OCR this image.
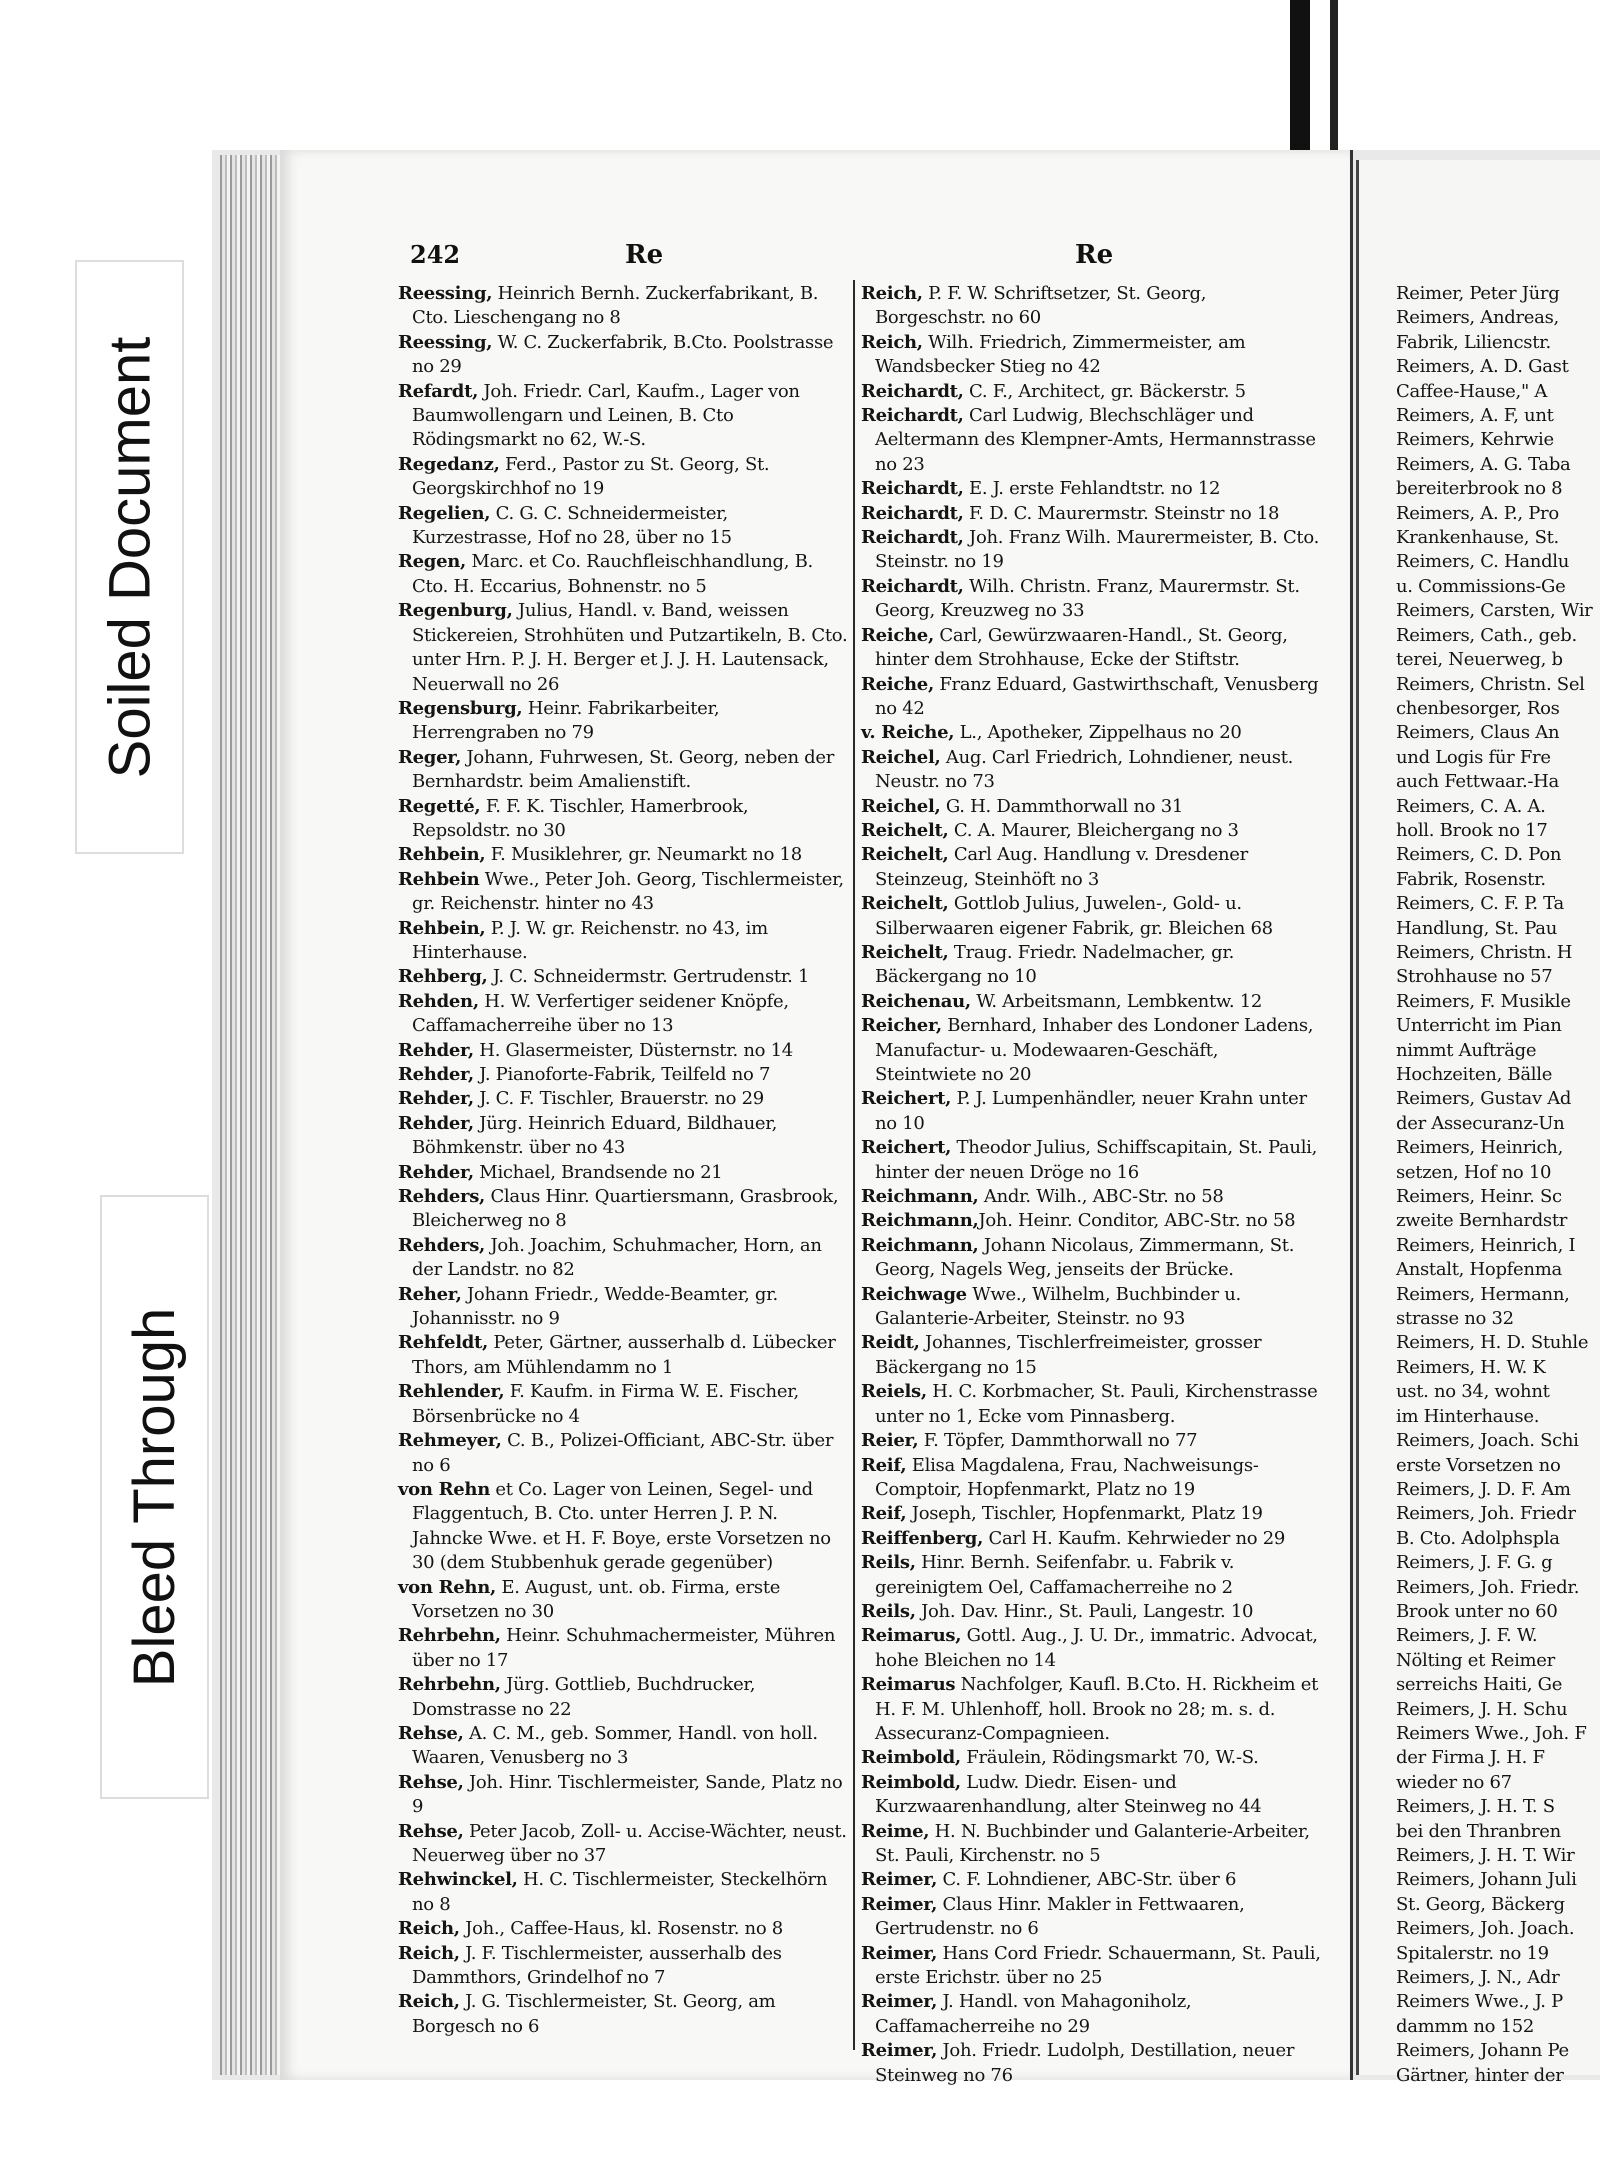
Soiled Document
Bleed Through
242	Re	Re

Reessing, Heinrich Bernh. Zuckerfabrikant, B. Cto. Lieschengang no 8

Reessing, W. C. Zuckerfabrik, B.Cto. Poolstrasse no 29

Refardt, Joh. Friedr. Carl, Kaufm., Lager von Baumwollengarn und Leinen, B. Cto Rödingsmarkt no 62, W.-S.

Regedanz, Ferd., Pastor zu St. Georg, St. Georgskirchhof no 19

Regelien, C. G. C. Schneidermeister, Kurzestrasse, Hof no 28, über no 15

Regen, Marc. et Co. Rauchfleischhandlung, B. Cto. H. Eccarius, Bohnenstr. no 5

Regenburg, Julius, Handl. v. Band, weissen Stickereien, Strohhüten und Putzartikeln, B. Cto. unter Hrn. P. J. H. Berger et J. J. H. Lautensack, Neuerwall no 26

Regensburg, Heinr. Fabrikarbeiter, Herrengraben no 79

Reger, Johann, Fuhrwesen, St. Georg, neben der Bernhardstr. beim Amalienstift.

Regetté, F. F. K. Tischler, Hamerbrook, Repsoldstr. no 30

Rehbein, F. Musiklehrer, gr. Neumarkt no 18

Rehbein Wwe., Peter Joh. Georg, Tischlermeister, gr. Reichenstr. hinter no 43

Rehbein, P. J. W. gr. Reichenstr. no 43, im Hinterhause.

Rehberg, J. C. Schneidermstr. Gertrudenstr. 1

Rehden, H. W. Verfertiger seidener Knöpfe, Caffamacherreihe über no 13

Rehder, H. Glasermeister, Düsternstr. no 14

Rehder, J. Pianoforte-Fabrik, Teilfeld no 7

Rehder, J. C. F. Tischler, Brauerstr. no 29

Rehder, Jürg. Heinrich Eduard, Bildhauer, Böhmkenstr. über no 43

Rehder, Michael, Brandsende no 21

Rehders, Claus Hinr. Quartiersmann, Grasbrook, Bleicherweg no 8

Rehders, Joh. Joachim, Schuhmacher, Horn, an der Landstr. no 82

Reher, Johann Friedr., Wedde-Beamter, gr. Johannisstr. no 9

Rehfeldt, Peter, Gärtner, ausserhalb d. Lübecker Thors, am Mühlendamm no 1

Rehlender, F. Kaufm. in Firma W. E. Fischer, Börsenbrücke no 4

Rehmeyer, C. B., Polizei-Officiant, ABC-Str. über no 6

von Rehn et Co. Lager von Leinen, Segel- und Flaggentuch, B. Cto. unter Herren J. P. N. Jahncke Wwe. et H. F. Boye, erste Vorsetzen no 30 (dem Stubbenhuk gerade gegenüber)

von Rehn, E. August, unt. ob. Firma, erste Vorsetzen no 30

Rehrbehn, Heinr. Schuhmachermeister, Mühren über no 17

Rehrbehn, Jürg. Gottlieb, Buchdrucker, Domstrasse no 22

Rehse, A. C. M., geb. Sommer, Handl. von holl. Waaren, Venusberg no 3

Rehse, Joh. Hinr. Tischlermeister, Sande, Platz no 9

Rehse, Peter Jacob, Zoll- u. Accise-Wächter, neust. Neuerweg über no 37

Rehwinckel, H. C. Tischlermeister, Steckelhörn no 8

Reich, Joh., Caffee-Haus, kl. Rosenstr. no 8

Reich, J. F. Tischlermeister, ausserhalb des Dammthors, Grindelhof no 7

Reich, J. G. Tischlermeister, St. Georg, am Borgesch no 6

Reich, P. F. W. Schriftsetzer, St. Georg, Borgeschstr. no 60

Reich, Wilh. Friedrich, Zimmermeister, am Wandsbecker Stieg no 42

Reichardt, C. F., Architect, gr. Bäckerstr. 5

Reichardt, Carl Ludwig, Blechschläger und Aeltermann des Klempner-Amts, Hermannstrasse no 23

Reichardt, E. J. erste Fehlandtstr. no 12

Reichardt, F. D. C. Maurermstr. Steinstr no 18

Reichardt, Joh. Franz Wilh. Maurermeister, B. Cto. Steinstr. no 19

Reichardt, Wilh. Christn. Franz, Maurermstr. St. Georg, Kreuzweg no 33

Reiche, Carl, Gewürzwaaren-Handl., St. Georg, hinter dem Strohhause, Ecke der Stiftstr.

Reiche, Franz Eduard, Gastwirthschaft, Venusberg no 42

v. Reiche, L., Apotheker, Zippelhaus no 20

Reichel, Aug. Carl Friedrich, Lohndiener, neust. Neustr. no 73

Reichel, G. H. Dammthorwall no 31

Reichelt, C. A. Maurer, Bleichergang no 3

Reichelt, Carl Aug. Handlung v. Dresdener Steinzeug, Steinhöft no 3

Reichelt, Gottlob Julius, Juwelen-, Gold- u. Silberwaaren eigener Fabrik, gr. Bleichen 68

Reichelt, Traug. Friedr. Nadelmacher, gr. Bäckergang no 10

Reichenau, W. Arbeitsmann, Lembkentw. 12

Reicher, Bernhard, Inhaber des Londoner Ladens, Manufactur- u. Modewaaren-Geschäft, Steintwiete no 20

Reichert, P. J. Lumpenhändler, neuer Krahn unter no 10

Reichert, Theodor Julius, Schiffscapitain, St. Pauli, hinter der neuen Dröge no 16

Reichmann, Andr. Wilh., ABC-Str. no 58

Reichmann,Joh. Heinr. Conditor, ABC-Str. no 58

Reichmann, Johann Nicolaus, Zimmermann, St. Georg, Nagels Weg, jenseits der Brücke.

Reichwage Wwe., Wilhelm, Buchbinder u. Galanterie-Arbeiter, Steinstr. no 93

Reidt, Johannes, Tischlerfreimeister, grosser Bäckergang no 15

Reiels, H. C. Korbmacher, St. Pauli, Kirchenstrasse unter no 1, Ecke vom Pinnasberg.

Reier, F. Töpfer, Dammthorwall no 77

Reif, Elisa Magdalena, Frau, Nachweisungs-Comptoir, Hopfenmarkt, Platz no 19

Reif, Joseph, Tischler, Hopfenmarkt, Platz 19

Reiffenberg, Carl H. Kaufm. Kehrwieder no 29

Reils, Hinr. Bernh. Seifenfabr. u. Fabrik v. gereinigtem Oel, Caffamacherreihe no 2

Reils, Joh. Dav. Hinr., St. Pauli, Langestr. 10

Reimarus, Gottl. Aug., J. U. Dr., immatric. Advocat, hohe Bleichen no 14

Reimarus Nachfolger, Kaufl. B.Cto. H. Rickheim et H. F. M. Uhlenhoff, holl. Brook no 28; m. s. d. Assecuranz-Compagnieen.

Reimbold, Fräulein, Rödingsmarkt 70, W.-S.

Reimbold, Ludw. Diedr. Eisen- und Kurzwaarenhandlung, alter Steinweg no 44

Reime, H. N. Buchbinder und Galanterie-Arbeiter, St. Pauli, Kirchenstr. no 5

Reimer, C. F. Lohndiener, ABC-Str. über 6

Reimer, Claus Hinr. Makler in Fettwaaren, Gertrudenstr. no 6

Reimer, Hans Cord Friedr. Schauermann, St. Pauli, erste Erichstr. über no 25

Reimer, J. Handl. von Mahagoniholz, Caffamacherreihe no 29

Reimer, Joh. Friedr. Ludolph, Destillation, neuer Steinweg no 76

Reimer, Peter Jürg
Reimers, Andreas,
Fabrik, Liliencstr.
Reimers, A. D. Gast
Caffee-Hause," A
Reimers, A. F, unt
Reimers, Kehrwie
Reimers, A. G. Taba
bereiterbrook no 8
Reimers, A. P., Pro
Krankenhause, St.
Reimers, C. Handlu
u. Commissions-Ge
Reimers, Carsten, Wir
Reimers, Cath., geb.
terei, Neuerweg, b
Reimers, Christn. Sel
chenbesorger, Ros
Reimers, Claus An
und Logis für Fre
auch Fettwaar.-Ha
Reimers, C. A. A.
holl. Brook no 17
Reimers, C. D. Pon
Fabrik, Rosenstr.
Reimers, C. F. P. Ta
Handlung, St. Pau
Reimers, Christn. H
Strohhause no 57
Reimers, F. Musikle
Unterricht im Pian
nimmt Aufträge
Hochzeiten, Bälle
Reimers, Gustav Ad
der Assecuranz-Un
Reimers, Heinrich,
setzen, Hof no 10
Reimers, Heinr. Sc
zweite Bernhardstr
Reimers, Heinrich, I
Anstalt, Hopfenma
Reimers, Hermann,
strasse no 32
Reimers, H. D. Stuhle
Reimers, H. W. K
ust. no 34, wohnt
im Hinterhause.
Reimers, Joach. Schi
erste Vorsetzen no
Reimers, J. D. F. Am
Reimers, Joh. Friedr
B. Cto. Adolphspla
Reimers, J. F. G. g
Reimers, Joh. Friedr.
Brook unter no 60
Reimers, J. F. W.
Nölting et Reimer
serreichs Haiti, Ge
Reimers, J. H. Schu
Reimers Wwe., Joh. F
der Firma J. H. F
wieder no 67
Reimers, J. H. T. S
bei den Thranbren
Reimers, J. H. T. Wir
Reimers, Johann Juli
St. Georg, Bäckerg
Reimers, Joh. Joach.
Spitalerstr. no 19
Reimers, J. N., Adr
Reimers Wwe., J. P
dammm no 152
Reimers, Johann Pe
Gärtner, hinter der
